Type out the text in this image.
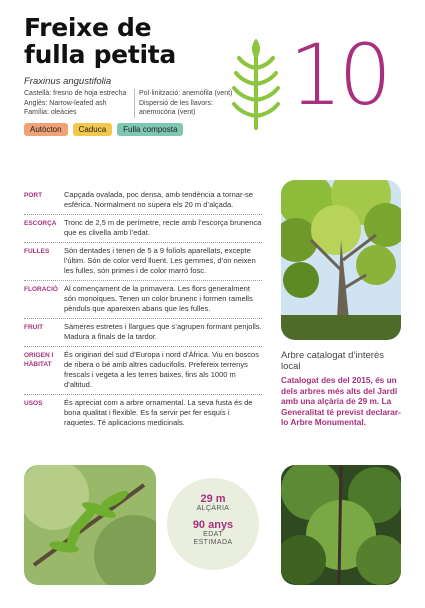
Freixe de
fulla petita
Fraxinus angustifolia
Castellà: fresno de hoja estrecha
Anglès: Narrow-leafed ash
Família: oleàcies
Pol·linització: anemòfila (vent)
Dispersió de les llavors:
anemocòria (vent)
Autòcton	Caduca	Fulla composta
10
PORT	Capçada ovalada, poc densa, amb tendència a tornar-se esfèrica. Normalment no supera els 20 m d’alçada.
ESCORÇA Tronc de 2,5 m de perímetre, recte amb l’escorça brunenca que es clivella amb l’edat.
FULLES	Són dentades i tenen de 5 a 9 folíols aparellats, excepte l’últim. Són de color verd lluent. Les gemmes, d’on neixen les fulles, són primes i de color marró fosc.
FLORACIÓ Al començament de la primavera. Les flors generalment són monoiques. Tenen un color brunenc i formen ramells pènduls que apareixen abans que les fulles.
FRUIT	Sàmeres estretes i llargues que s’agrupen formant penjolls. Madura a finals de la tardor.
ORIGEN I HÀBITAT
És originari del sud d’Europa i nord d’Àfrica. Viu en boscos de ribera o bé amb altres caducifolis. Prefereix terrenys frescals i vegeta a les terres baixes, fins als 1000 m d’altitud.
USOS	És apreciat com a arbre ornamental. La seva fusta és de bona qualitat i flexible. Es fa servir per fer esquís i raquetes. Té aplicacions medicinals.
Arbre catalogat d’interès local
Catalogat des del 2015, és un dels arbres més alts del Jardí amb una alçària de 29 m. La Generalitat té previst declarar-lo Arbre Monumental.
29 m
ALÇÀRIA
90 anys
EDAT
ESTIMADA
